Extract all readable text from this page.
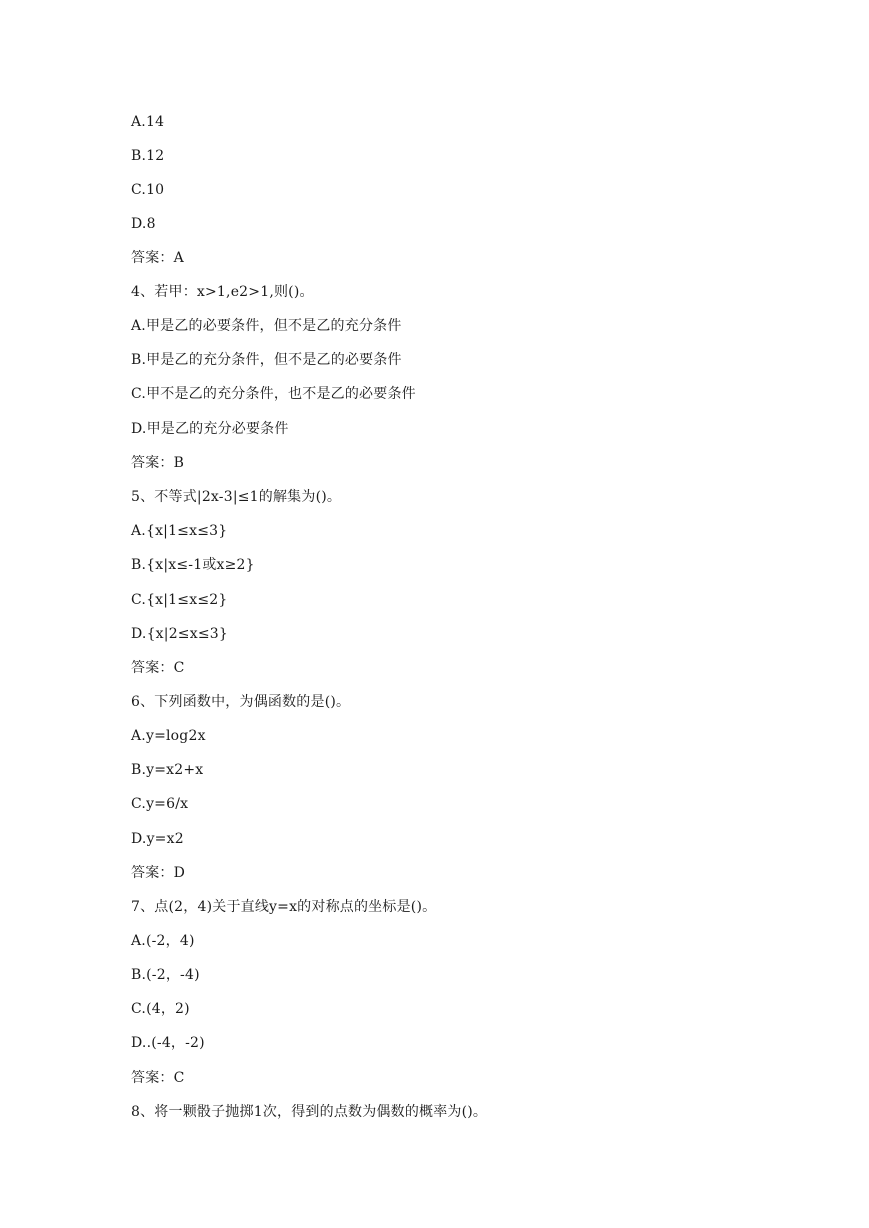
A.14
B.12
C.10
D.8
答案：A
4、若甲：x>1,e2>1,则()。
A.甲是乙的必要条件，但不是乙的充分条件
B.甲是乙的充分条件，但不是乙的必要条件
C.甲不是乙的充分条件，也不是乙的必要条件
D.甲是乙的充分必要条件
答案：B
5、不等式|2x-3|≤1的解集为()。
A.{x|1≤x≤3}
B.{x|x≤-1或x≥2}
C.{x|1≤x≤2}
D.{x|2≤x≤3}
答案：C
6、下列函数中，为偶函数的是()。
A.y=log2x
B.y=x2+x
C.y=6/x
D.y=x2
答案：D
7、点(2，4)关于直线y=x的对称点的坐标是()。
A.(-2，4)
B.(-2，-4)
C.(4，2)
D..(-4，-2)
答案：C
8、将一颗骰子抛掷1次，得到的点数为偶数的概率为()。
